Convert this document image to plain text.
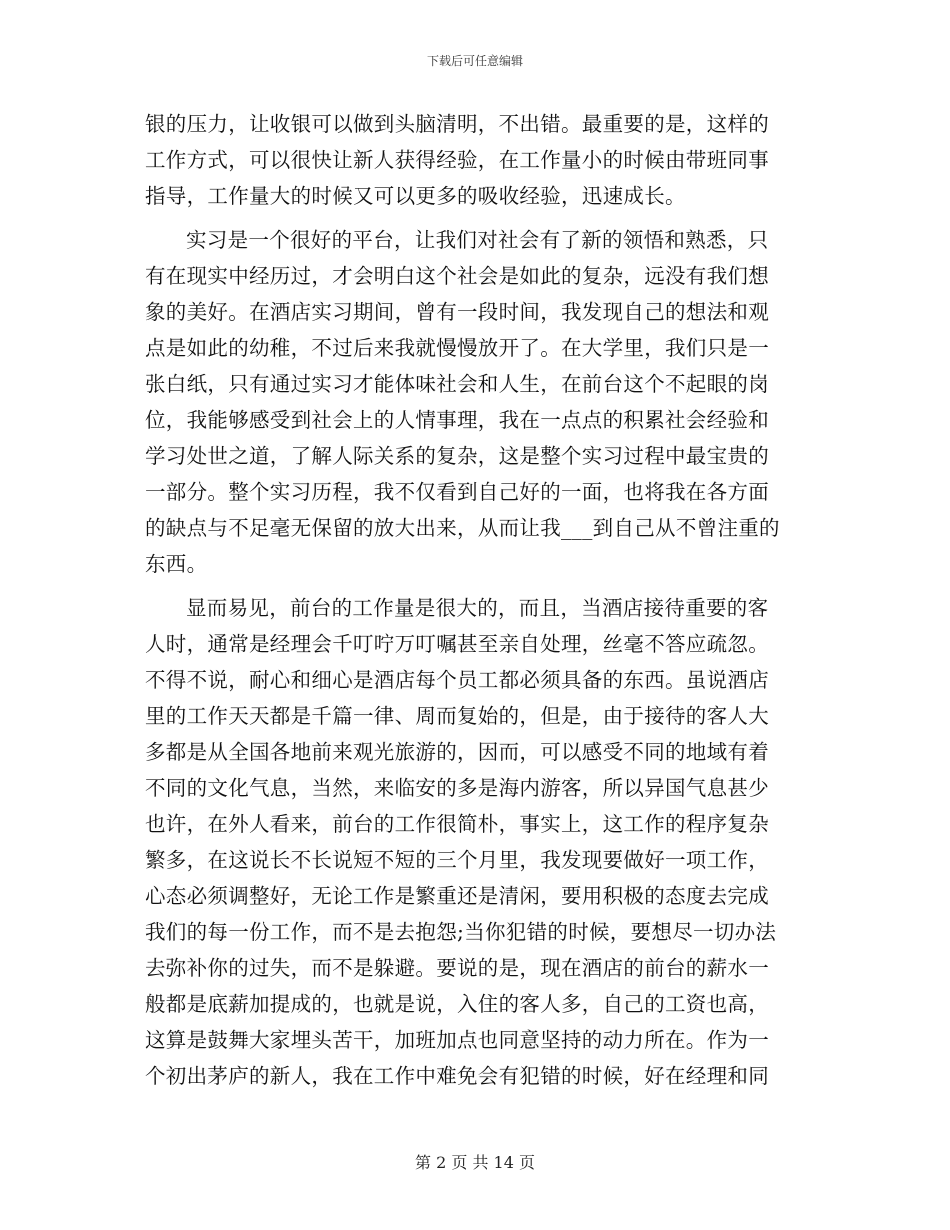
下载后可任意编辑
银的压力，让收银可以做到头脑清明，不出错。最重要的是，这样的
工作方式，可以很快让新人获得经验，在工作量小的时候由带班同事
指导，工作量大的时候又可以更多的吸收经验，迅速成长。
实习是一个很好的平台，让我们对社会有了新的领悟和熟悉，只
有在现实中经历过，才会明白这个社会是如此的复杂，远没有我们想
象的美好。在酒店实习期间，曾有一段时间，我发现自己的想法和观
点是如此的幼稚，不过后来我就慢慢放开了。在大学里，我们只是一
张白纸，只有通过实习才能体味社会和人生，在前台这个不起眼的岗
位，我能够感受到社会上的人情事理，我在一点点的积累社会经验和
学习处世之道，了解人际关系的复杂，这是整个实习过程中最宝贵的
一部分。整个实习历程，我不仅看到自己好的一面，也将我在各方面
的缺点与不足毫无保留的放大出来，从而让我___到自己从不曾注重的
东西。
显而易见，前台的工作量是很大的，而且，当酒店接待重要的客
人时，通常是经理会千叮咛万叮嘱甚至亲自处理，丝毫不答应疏忽。
不得不说，耐心和细心是酒店每个员工都必须具备的东西。虽说酒店
里的工作天天都是千篇一律、周而复始的，但是，由于接待的客人大
多都是从全国各地前来观光旅游的，因而，可以感受不同的地域有着
不同的文化气息，当然，来临安的多是海内游客，所以异国气息甚少
也许，在外人看来，前台的工作很简朴，事实上，这工作的程序复杂
繁多，在这说长不长说短不短的三个月里，我发现要做好一项工作，
心态必须调整好，无论工作是繁重还是清闲，要用积极的态度去完成
我们的每一份工作，而不是去抱怨;当你犯错的时候，要想尽一切办法
去弥补你的过失，而不是躲避。要说的是，现在酒店的前台的薪水一
般都是底薪加提成的，也就是说，入住的客人多，自己的工资也高，
这算是鼓舞大家埋头苦干，加班加点也同意坚持的动力所在。作为一
个初出茅庐的新人，我在工作中难免会有犯错的时候，好在经理和同
第 2 页 共 14 页
